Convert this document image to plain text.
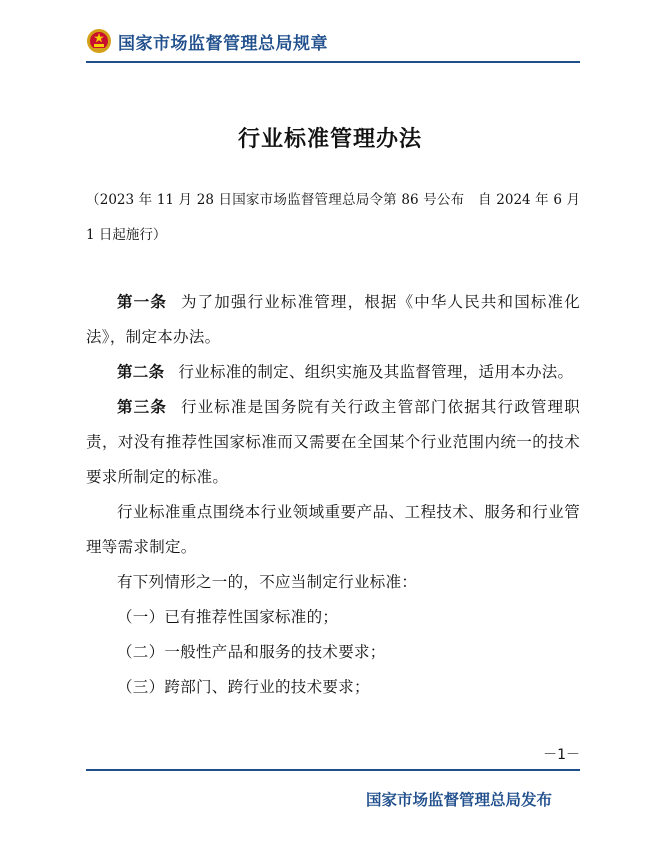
国家市场监督管理总局规章
行业标准管理办法
（2023 年 11 月 28 日国家市场监督管理总局令第 86 号公布　自 2024 年 6 月 1 日起施行）

第一条 为了加强行业标准管理，根据《中华人民共和国标准化法》，制定本办法。

第二条 行业标准的制定、组织实施及其监督管理，适用本办法。

第三条 行业标准是国务院有关行政主管部门依据其行政管理职责，对没有推荐性国家标准而又需要在全国某个行业范围内统一的技术要求所制定的标准。

行业标准重点围绕本行业领域重要产品、工程技术、服务和行业管理等需求制定。

有下列情形之一的，不应当制定行业标准：

（一）已有推荐性国家标准的；

（二）一般性产品和服务的技术要求；

（三）跨部门、跨行业的技术要求；

－1－
国家市场监督管理总局发布
